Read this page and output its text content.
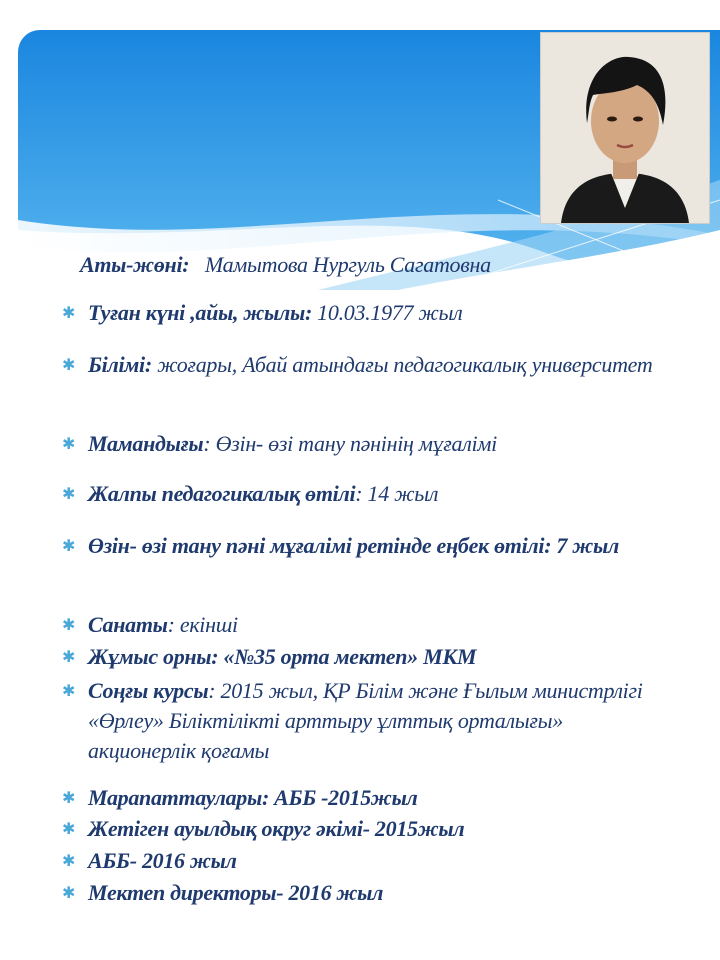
Аты-жөні: Мамытова Нургуль Сагатовна
✱ Туған күні ,айы, жылы: 10.03.1977 жыл
✱ Білімі: жоғары, Абай атындағы педагогикалық университет
✱ Мамандығы: Өзін- өзі тану пәнінің мұғалімі
✱ Жалпы педагогикалық өтілі: 14 жыл
✱ Өзін- өзі тану пәні мұғалімі ретінде еңбек өтілі: 7 жыл
✱ Санаты: екінші
✱ Жұмыс орны: «№35 орта мектеп» МКМ
✱ Соңғы курсы: 2015 жыл, ҚР Білім және Ғылым министрлігі «Өрлеу» Біліктілікті арттыру ұлттық орталығы» акционерлік қоғамы
✱ Марапаттаулары: АББ -2015жыл
✱ Жетіген ауылдық округ әкімі- 2015жыл
✱ АББ- 2016 жыл
✱ Мектеп директоры- 2016 жыл
